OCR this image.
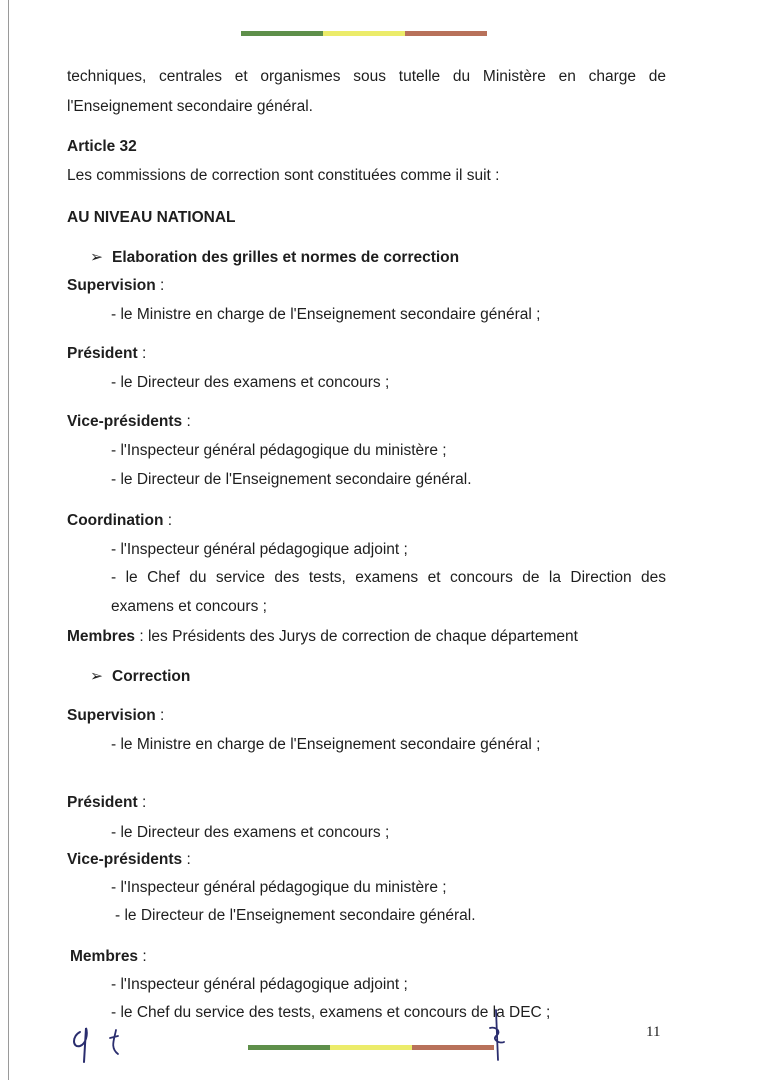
techniques, centrales et organismes sous tutelle du Ministère en charge de
l'Enseignement secondaire général.
Article 32
Les commissions de correction sont constituées comme il suit :
AU NIVEAU NATIONAL
➢ Elaboration des grilles et normes de correction
Supervision :
- le Ministre en charge de l'Enseignement secondaire général ;
Président :
- le Directeur des examens et concours ;
Vice-présidents :
- l'Inspecteur général pédagogique du ministère ;
- le Directeur de l'Enseignement secondaire général.
Coordination :
- l'Inspecteur général pédagogique adjoint ;
- le Chef du service des tests, examens et concours de la Direction des
examens et concours ;
Membres : les Présidents des Jurys de correction de chaque département
➢ Correction
Supervision :
- le Ministre en charge de l'Enseignement secondaire général ;
Président :
- le Directeur des examens et concours ;
Vice-présidents :
- l'Inspecteur général pédagogique du ministère ;
- le Directeur de l'Enseignement secondaire général.
Membres :
- l'Inspecteur général pédagogique adjoint ;
- le Chef du service des tests, examens et concours de la DEC ;
11
